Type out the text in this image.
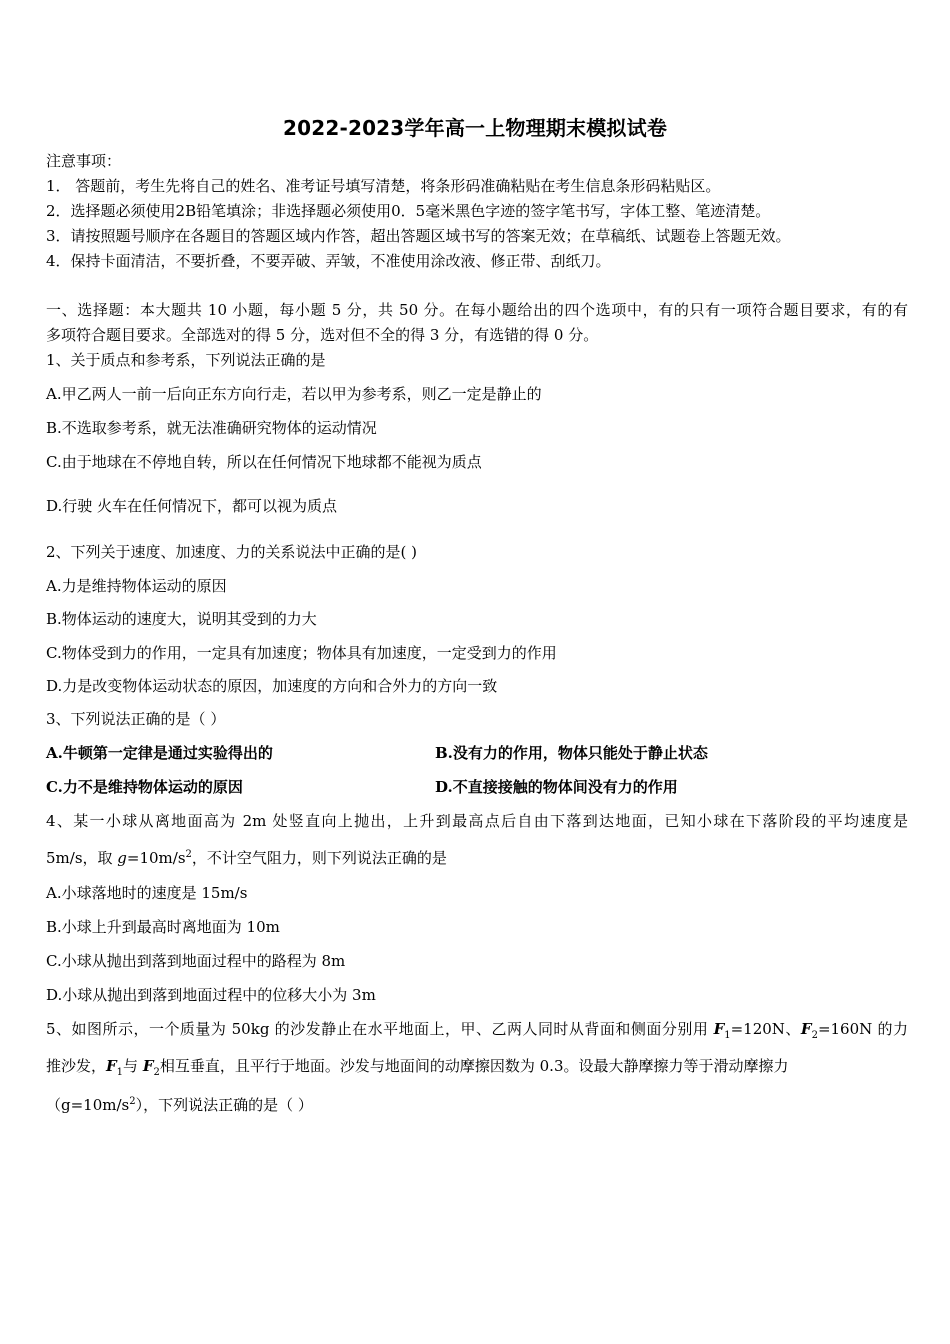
2022-2023学年高一上物理期末模拟试卷
注意事项：
1． 答题前，考生先将自己的姓名、准考证号填写清楚，将条形码准确粘贴在考生信息条形码粘贴区。
2．选择题必须使用2B铅笔填涂；非选择题必须使用0．5毫米黑色字迹的签字笔书写，字体工整、笔迹清楚。
3．请按照题号顺序在各题目的答题区域内作答，超出答题区域书写的答案无效；在草稿纸、试题卷上答题无效。
4．保持卡面清洁，不要折叠，不要弄破、弄皱，不准使用涂改液、修正带、刮纸刀。
一、选择题：本大题共 10 小题，每小题 5 分，共 50 分。在每小题给出的四个选项中，有的只有一项符合题目要求，有的有
多项符合题目要求。全部选对的得 5 分，选对但不全的得 3 分，有选错的得 0 分。
1、关于质点和参考系，下列说法正确的是
A.甲乙两人一前一后向正东方向行走，若以甲为参考系，则乙一定是静止的
B.不选取参考系，就无法准确研究物体的运动情况
C.由于地球在不停地自转，所以在任何情况下地球都不能视为质点
D.行驶 火车在任何情况下，都可以视为质点
2、下列关于速度、加速度、力的关系说法中正确的是( )
A.力是维持物体运动的原因
B.物体运动的速度大，说明其受到的力大
C.物体受到力的作用，一定具有加速度；物体具有加速度，一定受到力的作用
D.力是改变物体运动状态的原因，加速度的方向和合外力的方向一致
3、下列说法正确的是（ ）
A.牛顿第一定律是通过实验得出的	B.没有力的作用，物体只能处于静止状态
C.力不是维持物体运动的原因	D.不直接接触的物体间没有力的作用
4、某一小球从离地面高为 2m 处竖直向上抛出，上升到最高点后自由下落到达地面，已知小球在下落阶段的平均速度是
5m/s，取 $g=10m/s^2$，不计空气阻力，则下列说法正确的是
A.小球落地时的速度是 15m/s
B.小球上升到最高时离地面为 10m
C.小球从抛出到落到地面过程中的路程为 8m
D.小球从抛出到落到地面过程中的位移大小为 3m
5、如图所示，一个质量为 50kg 的沙发静止在水平地面上，甲、乙两人同时从背面和侧面分别用 $F_1=120N$、$F_2=160N$ 的力
推沙发，$F_1$与 $F_2$相互垂直，且平行于地面。沙发与地面间的动摩擦因数为 0.3。设最大静摩擦力等于滑动摩擦力
$(g=10m/s^2)$，下列说法正确的是（ ）
